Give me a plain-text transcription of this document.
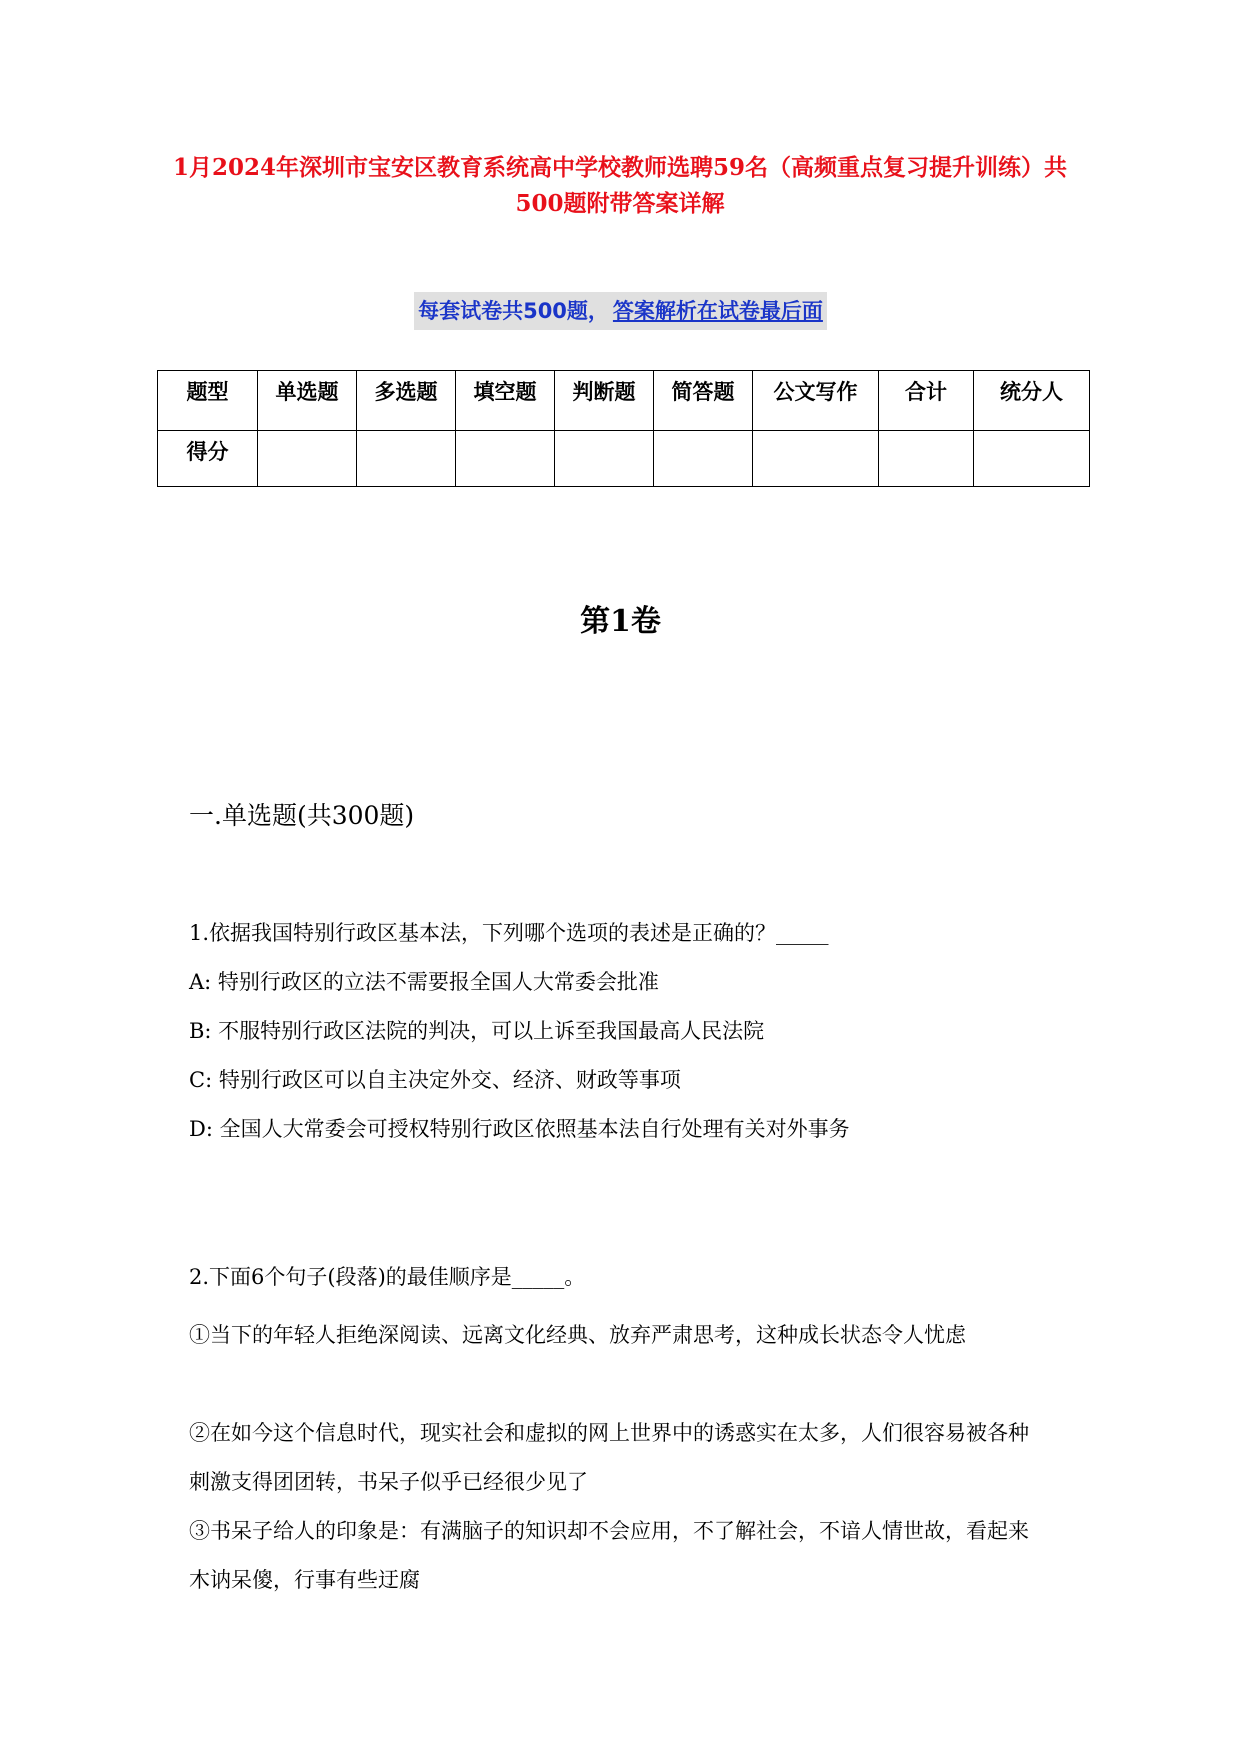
1月2024年深圳市宝安区教育系统高中学校教师选聘59名（高频重点复习提升训练）共500题附带答案详解
每套试卷共500题， 答案解析在试卷最后面
题型	单选题	多选题	填空题	判断题	简答题	公文写作	合计	统分人
得分								
第1卷
一.单选题(共300题)
1.依据我国特别行政区基本法，下列哪个选项的表述是正确的？_____
A: 特别行政区的立法不需要报全国人大常委会批准
B: 不服特别行政区法院的判决，可以上诉至我国最高人民法院
C: 特别行政区可以自主决定外交、经济、财政等事项
D: 全国人大常委会可授权特别行政区依照基本法自行处理有关对外事务
2.下面6个句子(段落)的最佳顺序是_____。
①当下的年轻人拒绝深阅读、远离文化经典、放弃严肃思考，这种成长状态令人忧虑
②在如今这个信息时代，现实社会和虚拟的网上世界中的诱惑实在太多，人们很容易被各种刺激支得团团转，书呆子似乎已经很少见了
③书呆子给人的印象是：有满脑子的知识却不会应用，不了解社会，不谙人情世故，看起来木讷呆傻，行事有些迂腐
